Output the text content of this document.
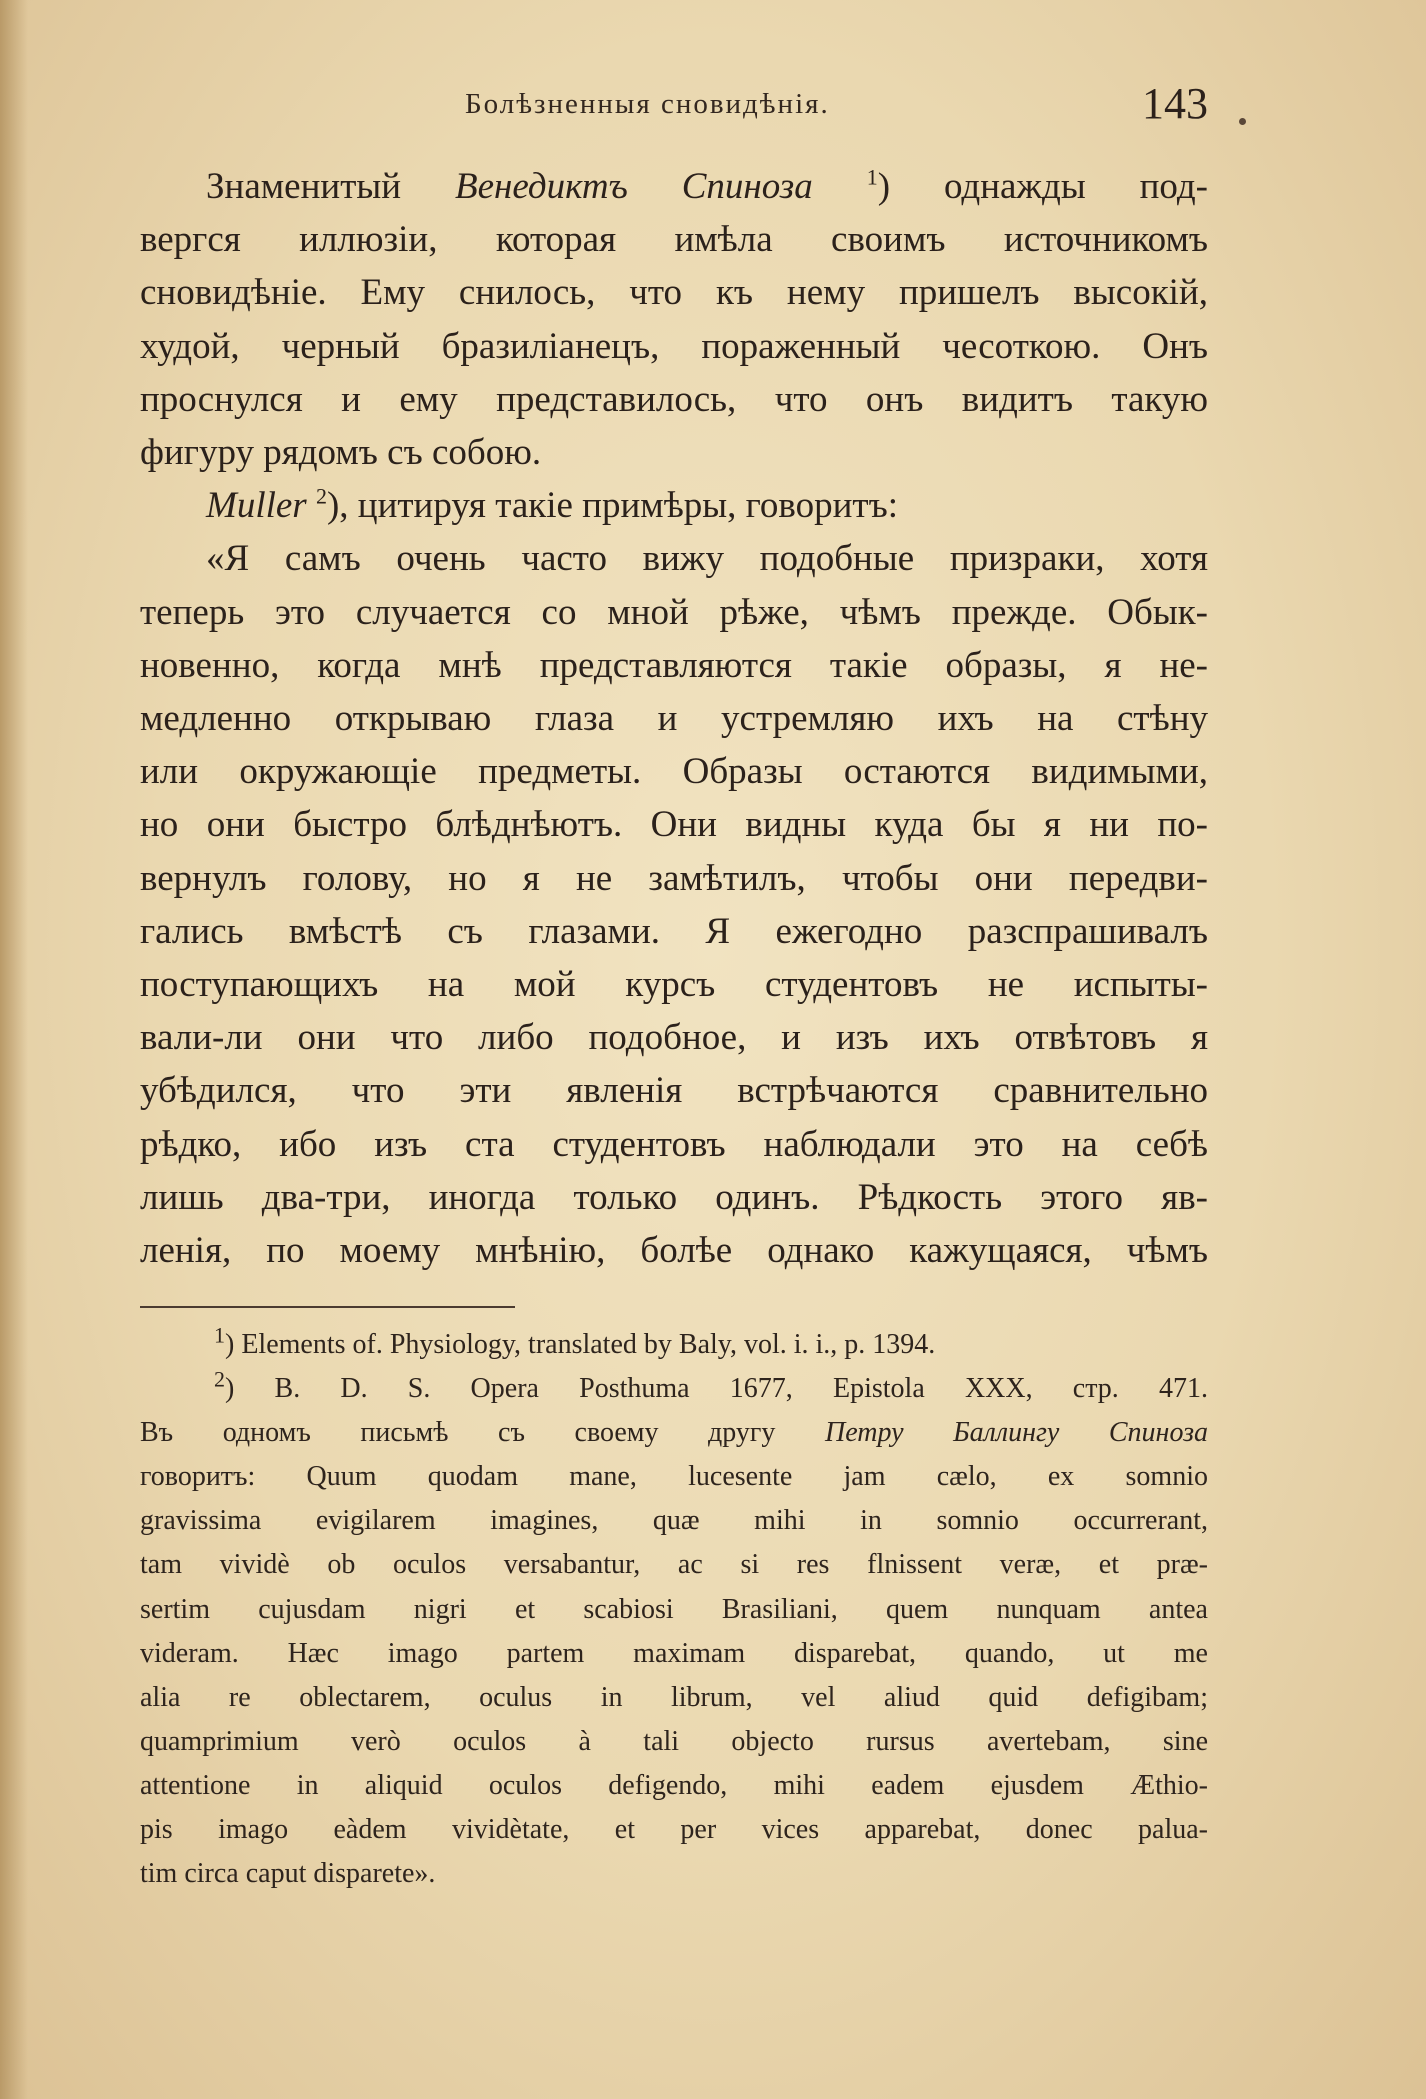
Болѣзненныя сновидѣнія.	143

Знаменитый Венедиктъ Спиноза $^1$) однажды под-

вергся иллюзіи, которая имѣла своимъ иcточникомъ

сновидѣніе. Ему снилось, что къ нему пришелъ высокій,

худой, черный бразиліанецъ, пораженный чесоткою. Онъ

проснулся и ему представилось, что онъ видитъ такую

фигуру рядомъ съ собою.

Muller $^2$), цитируя такіе примѣры, говоритъ:

«Я самъ очень часто вижу подобные призраки, хотя

теперь это случается со мной рѣже, чѣмъ прежде. Обык-

новенно, когда мнѣ представляются такіе образы, я не-

медленно открываю глаза и устремляю ихъ на стѣну

или окружающіе предметы. Образы остаются видимыми,

но они быстро блѣднѣютъ. Они видны куда бы я ни по-

вернулъ голову, но я не замѣтилъ, чтобы они передви-

гались вмѣстѣ съ глазами. Я ежегодно разспрашивалъ

поступающихъ на мой курсъ студентовъ не испыты-

вали-ли они что либо подобное, и изъ ихъ отвѣтовъ я

убѣдился, что эти явленія встрѣчаются сравнительно

рѣдко, ибо изъ ста студентовъ наблюдали это на себѣ

лишь два-три, иногда только одинъ. Рѣдкость этого яв-

ленія, по моему мнѣнію, болѣе однако кажущаяся, чѣмъ

$^1$) Elements of. Physiology, translated by Baly, vol. i. i., p. 1394.

$^2$) B. D. S. Opera Posthuma 1677, Epistola XXX, стр. 471.

Въ одномъ письмѣ съ своему другу Петру Баллингу Спиноза

говоритъ: Quum quodam mane, lucesente jam cælo, ex somnio

gravissima evigilarem imagines, quæ mihi in somnio occurrerant,

tam vividè ob oculos versabantur, ac si res flnissent veræ, et præ-

sertim cujusdam nigri et scabiosi Brasiliani, quem nunquam antea

videram. Hæc imago partem maximam disparebat, quando, ut me

alia re oblectarem, oculus in librum, vel aliud quid defigibam;

quamprimium verò oculos à tali objecto rursus avertebam, sine

attentione in aliquid oculos defigendo, mihi eadem ejusdem Æthio-

pis imago eàdem vividètate, et per vices apparebat, donec palua-

tim circa caput disparete».
